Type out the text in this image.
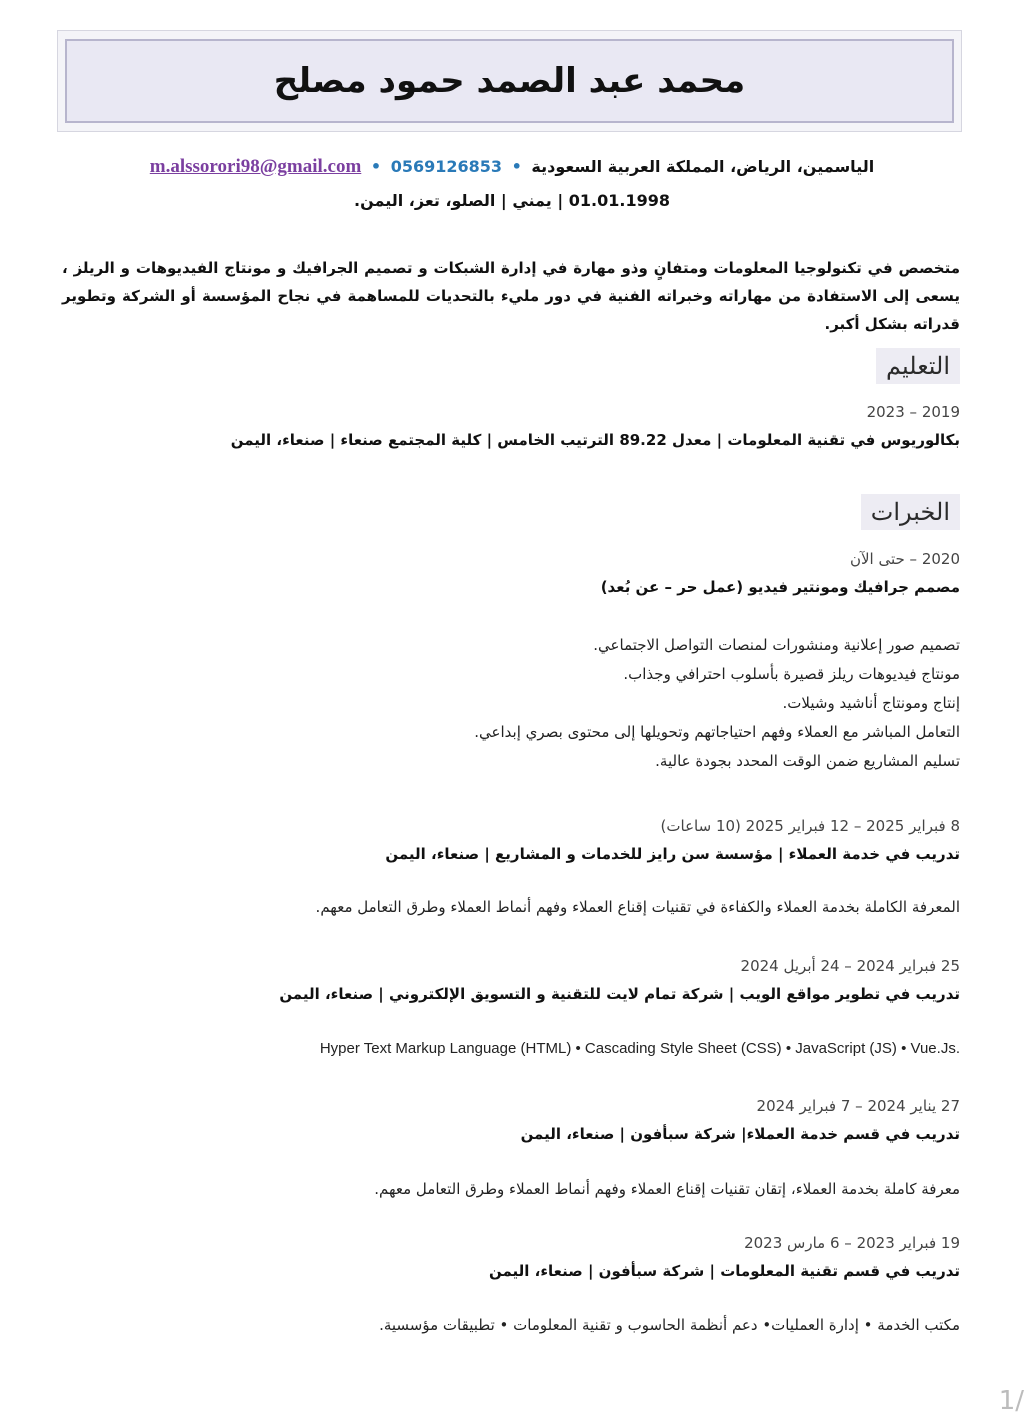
محمد عبد الصمد حمود مصلح
الياسمين، الرياض، المملكة العربية السعودية • 0569126853 • m.alssorori98@gmail.com
01.01.1998 | يمني | الصلو، تعز، اليمن.
متخصص في تكنولوجيا المعلومات ومتفانٍ وذو مهارة في إدارة الشبكات و تصميم الجرافيك و مونتاج الفيديوهات و الريلز ، يسعى إلى الاستفادة من مهاراته وخبراته الفنية في دور مليء بالتحديات للمساهمة في نجاح المؤسسة أو الشركة وتطوير قدراته بشكل أكبر.
التعليم
2019 – 2023
بكالوريوس في تقنية المعلومات | معدل 89.22 الترتيب الخامس | كلية المجتمع صنعاء | صنعاء، اليمن
الخبرات
2020 – حتى الآن
مصمم جرافيك ومونتير فيديو (عمل حر – عن بُعد)
تصميم صور إعلانية ومنشورات لمنصات التواصل الاجتماعي.
مونتاج فيديوهات ريلز قصيرة بأسلوب احترافي وجذاب.
إنتاج ومونتاج أناشيد وشيلات.
التعامل المباشر مع العملاء وفهم احتياجاتهم وتحويلها إلى محتوى بصري إبداعي.
تسليم المشاريع ضمن الوقت المحدد بجودة عالية.
8 فبراير 2025 – 12 فبراير 2025 (10 ساعات)
تدريب في خدمة العملاء | مؤسسة سن رايز للخدمات و المشاريع | صنعاء، اليمن
المعرفة الكاملة بخدمة العملاء والكفاءة في تقنيات إقناع العملاء وفهم أنماط العملاء وطرق التعامل معهم.
25 فبراير 2024 – 24 أبريل 2024
تدريب في تطوير مواقع الويب | شركة تمام لايت للتقنية و التسويق الإلكتروني | صنعاء، اليمن
Hyper Text Markup Language (HTML) • Cascading Style Sheet (CSS) • JavaScript (JS) • Vue.Js.
27 يناير 2024 – 7 فبراير 2024
تدريب في قسم خدمة العملاء| شركة سبأفون | صنعاء، اليمن
معرفة كاملة بخدمة العملاء، إتقان تقنيات إقناع العملاء وفهم أنماط العملاء وطرق التعامل معهم.
19 فبراير 2023 – 6 مارس 2023
تدريب في قسم تقنية المعلومات | شركة سبأفون | صنعاء، اليمن
مكتب الخدمة • إدارة العمليات• دعم أنظمة الحاسوب و تقنية المعلومات • تطبيقات مؤسسية.
1/
